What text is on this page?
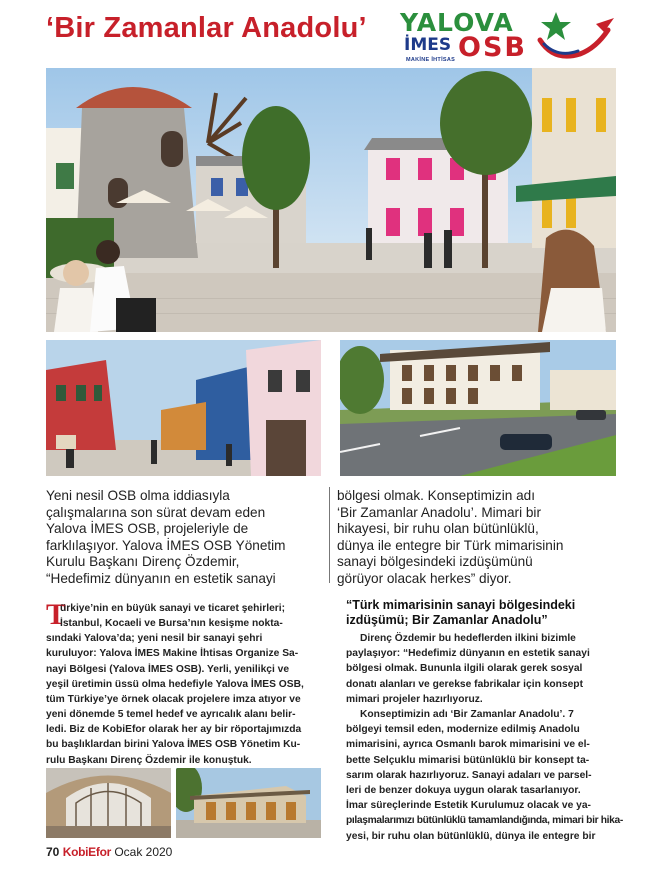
‘Bir Zamanlar Anadolu’ YALOVA
İMES OSB
MAKİNE İHTİSAS

Yeni nesil OSB olma iddiasıyla

çalışmalarına son sürat devam eden

Yalova İMES OSB, projeleriyle de

farklılaşıyor. Yalova İMES OSB Yönetim

Kurulu Başkanı Direnç Özdemir,

“Hedefimiz dünyanın en estetik sanayi

bölgesi olmak. Konseptimizin adı

‘Bir Zamanlar Anadolu’. Mimari bir

hikayesi, bir ruhu olan bütünlüklü,

dünya ile entegre bir Türk mimarisinin

sanayi bölgesindeki izdüşümünü

görüyor olacak herkes” diyor.

T

ürkiye’nin en büyük sanayi ve ticaret şehirleri;

İstanbul, Kocaeli ve Bursa’nın kesişme nokta-

sındaki Yalova’da; yeni nesil bir sanayi şehri

kuruluyor: Yalova İMES Makine İhtisas Organize Sa-

nayi Bölgesi (Yalova İMES OSB). Yerli, yenilikçi ve

yeşil üretimin üssü olma hedefiyle Yalova İMES OSB,

tüm Türkiye’ye örnek olacak projelere imza atıyor ve

yeni dönemde 5 temel hedef ve ayrıcalık alanı belir-

ledi. Biz de KobiEfor olarak her ay bir röportajımızda

bu başlıklardan birini Yalova İMES OSB Yönetim Ku-

rulu Başkanı Direnç Özdemir ile konuştuk.

“Türk mimarisinin sanayi bölgesindeki

izdüşümü; Bir Zamanlar Anadolu”

Direnç Özdemir bu hedeflerden ilkini bizimle

paylaşıyor: “Hedefimiz dünyanın en estetik sanayi

bölgesi olmak. Bununla ilgili olarak gerek sosyal

donatı alanları ve gerekse fabrikalar için konsept

mimari projeler hazırlıyoruz.

Konseptimizin adı ‘Bir Zamanlar Anadolu’. 7

bölgeyi temsil eden, modernize edilmiş Anadolu

mimarisini, ayrıca Osmanlı barok mimarisini ve el-

bette Selçuklu mimarisi bütünlüklü bir konsept ta-

sarım olarak hazırlıyoruz. Sanayi adaları ve parsel-

leri de benzer dokuya uygun olarak tasarlanıyor.

İmar süreçlerinde Estetik Kurulumuz olacak ve ya-

pılaşmalarımızı bütünlüklü tamamlandığında, mimari bir hika-

yesi, bir ruhu olan bütünlüklü, dünya ile entegre bir

70 KobiEfor Ocak 2020
